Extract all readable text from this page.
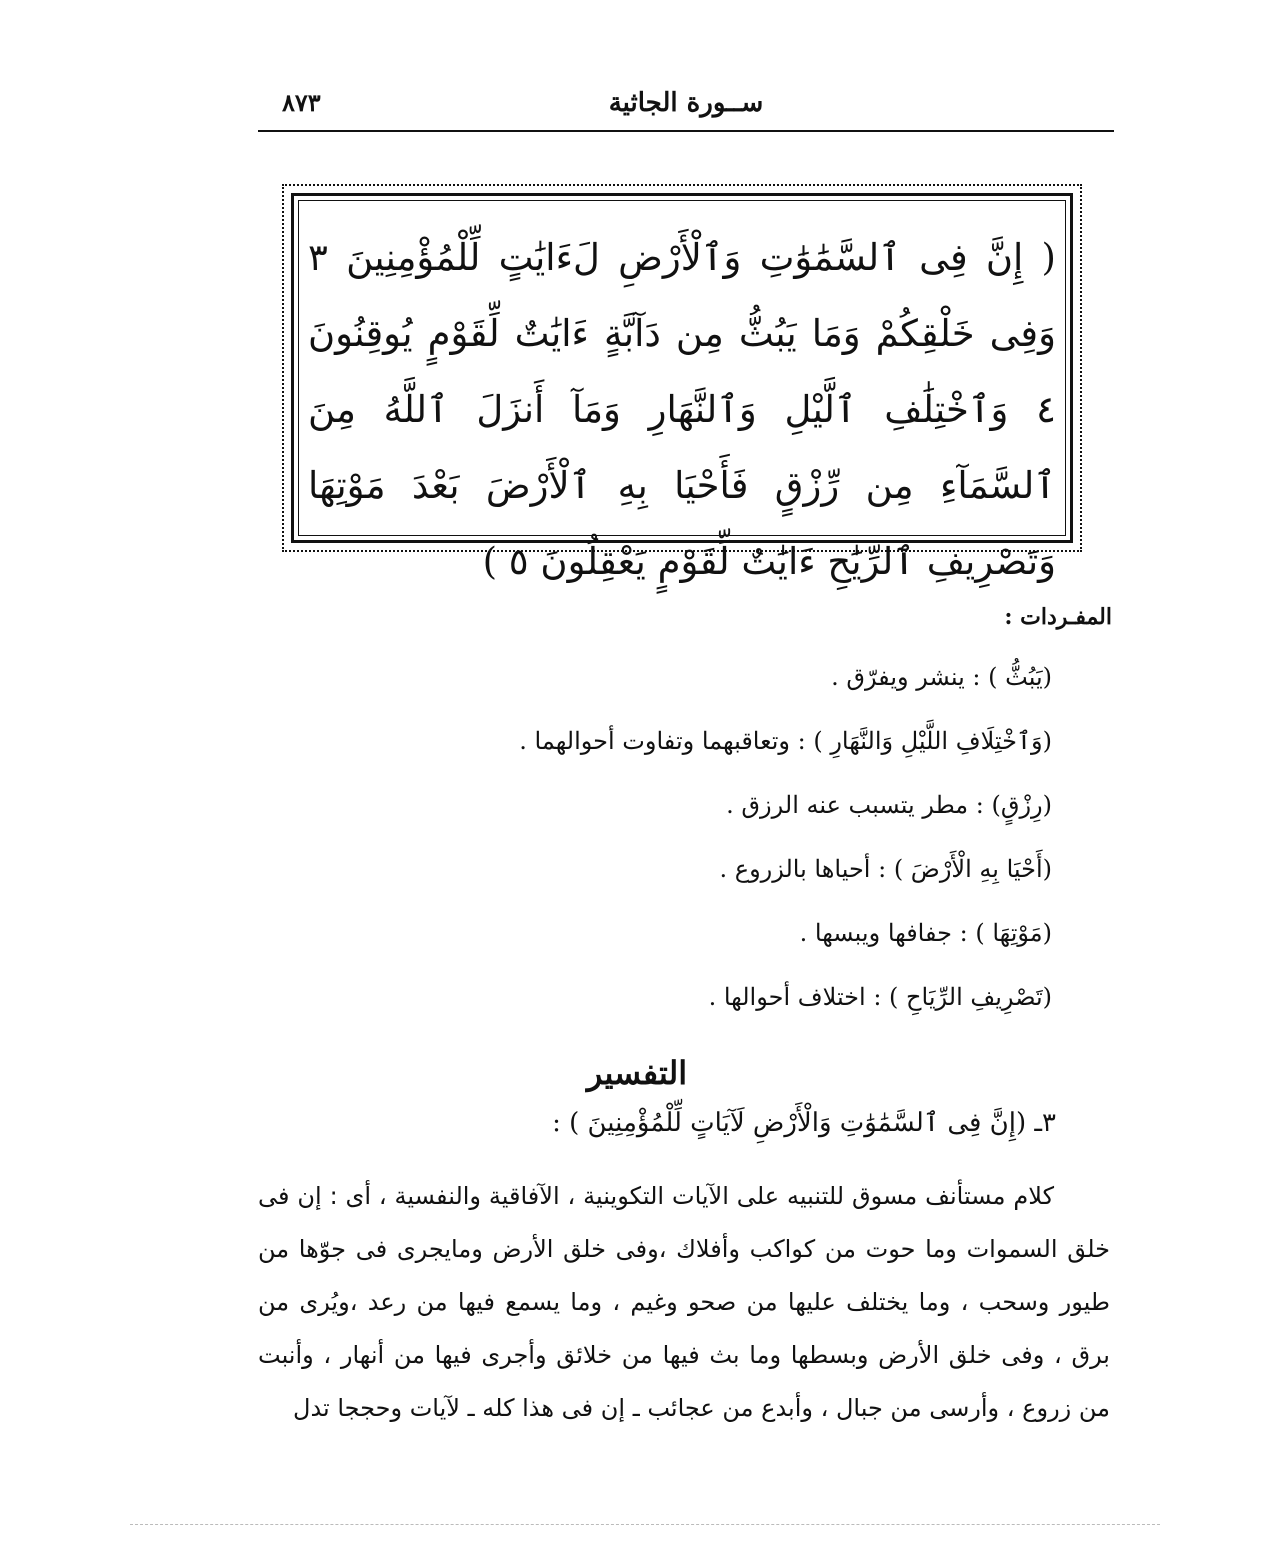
ســورة الجاثية
٨٧٣
( إِنَّ فِى ٱلسَّمَٰوَٰتِ وَٱلْأَرْضِ لَءَايَٰتٍ لِّلْمُؤْمِنِينَ ٣ وَفِى خَلْقِكُمْ وَمَا يَبُثُّ مِن دَآبَّةٍ ءَايَٰتٌ لِّقَوْمٍ يُوقِنُونَ ٤ وَٱخْتِلَٰفِ ٱلَّيْلِ وَٱلنَّهَارِ وَمَآ أَنزَلَ ٱللَّهُ مِنَ ٱلسَّمَآءِ مِن رِّزْقٍ فَأَحْيَا بِهِ ٱلْأَرْضَ بَعْدَ مَوْتِهَا وَتَصْرِيفِ ٱلرِّيَٰحِ ءَايَٰتٌ لِّقَوْمٍ يَعْقِلُونَ ٥ )
المفـردات :
(يَبُثُّ ) : ينشر ويفرّق .
(وَٱخْتِلَافِ اللَّيْلِ وَالنَّهَارِ ) : وتعاقبهما وتفاوت أحوالهما .
(رِزْقٍ) : مطر يتسبب عنه الرزق .
(أَحْيَا بِهِ الْأَرْضَ ) : أحياها بالزروع .
(مَوْتِهَا ) : جفافها ويبسها .
(تَصْرِيفِ الرِّيَاحِ ) : اختلاف أحوالها .
التفسير
٣ـ (إِنَّ فِى ٱلسَّمَٰوَٰتِ وَالْأَرْضِ لَآيَاتٍ لِّلْمُؤْمِنِينَ ) :
كلام مستأنف مسوق للتنبيه على الآيات التكوينية ، الآفاقية والنفسية ، أى : إن فى خلق السموات وما حوت من كواكب وأفلاك ،وفى خلق الأرض ومايجرى فى جوّها من طيور وسحب ، وما يختلف عليها من صحو وغيم ، وما يسمع فيها من رعد ،ويُرى من برق ، وفى خلق الأرض وبسطها وما بث فيها من خلائق وأجرى فيها من أنهار ، وأنبت من زروع ، وأرسى من جبال ، وأبدع من عجائب ـ إن فى هذا كله ـ لآيات وحججا تدل
